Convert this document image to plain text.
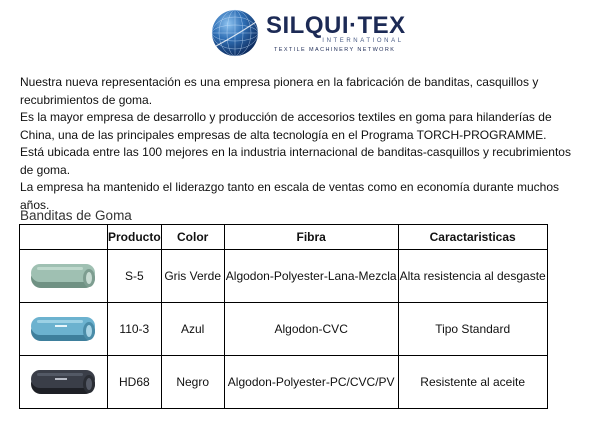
SILQUI·TEX
INTERNATIONAL
TEXTILE MACHINERY NETWORK

Nuestra nueva representación es una empresa pionera en la fabricación de banditas, casquillos y recubrimientos de goma.

Es la mayor empresa de desarrollo y producción de accesorios textiles en goma para hilanderías de China, una de las principales empresas de alta tecnología en el Programa TORCH-PROGRAMME.

Está ubicada entre las 100 mejores en la industria internacional de banditas-casquillos y recubrimientos de goma.

La empresa ha mantenido el liderazgo tanto en escala de ventas como en economía durante muchos años.

Banditas de Goma
	Producto	Color	Fibra	Caractaristicas

	S-5	Gris Verde	Algodon-Polyester-Lana-Mezcla	Alta resistencia al desgaste

	110-3	Azul	Algodon-CVC	Tipo Standard

	HD68	Negro	Algodon-Polyester-PC/CVC/PV	Resistente al aceite
